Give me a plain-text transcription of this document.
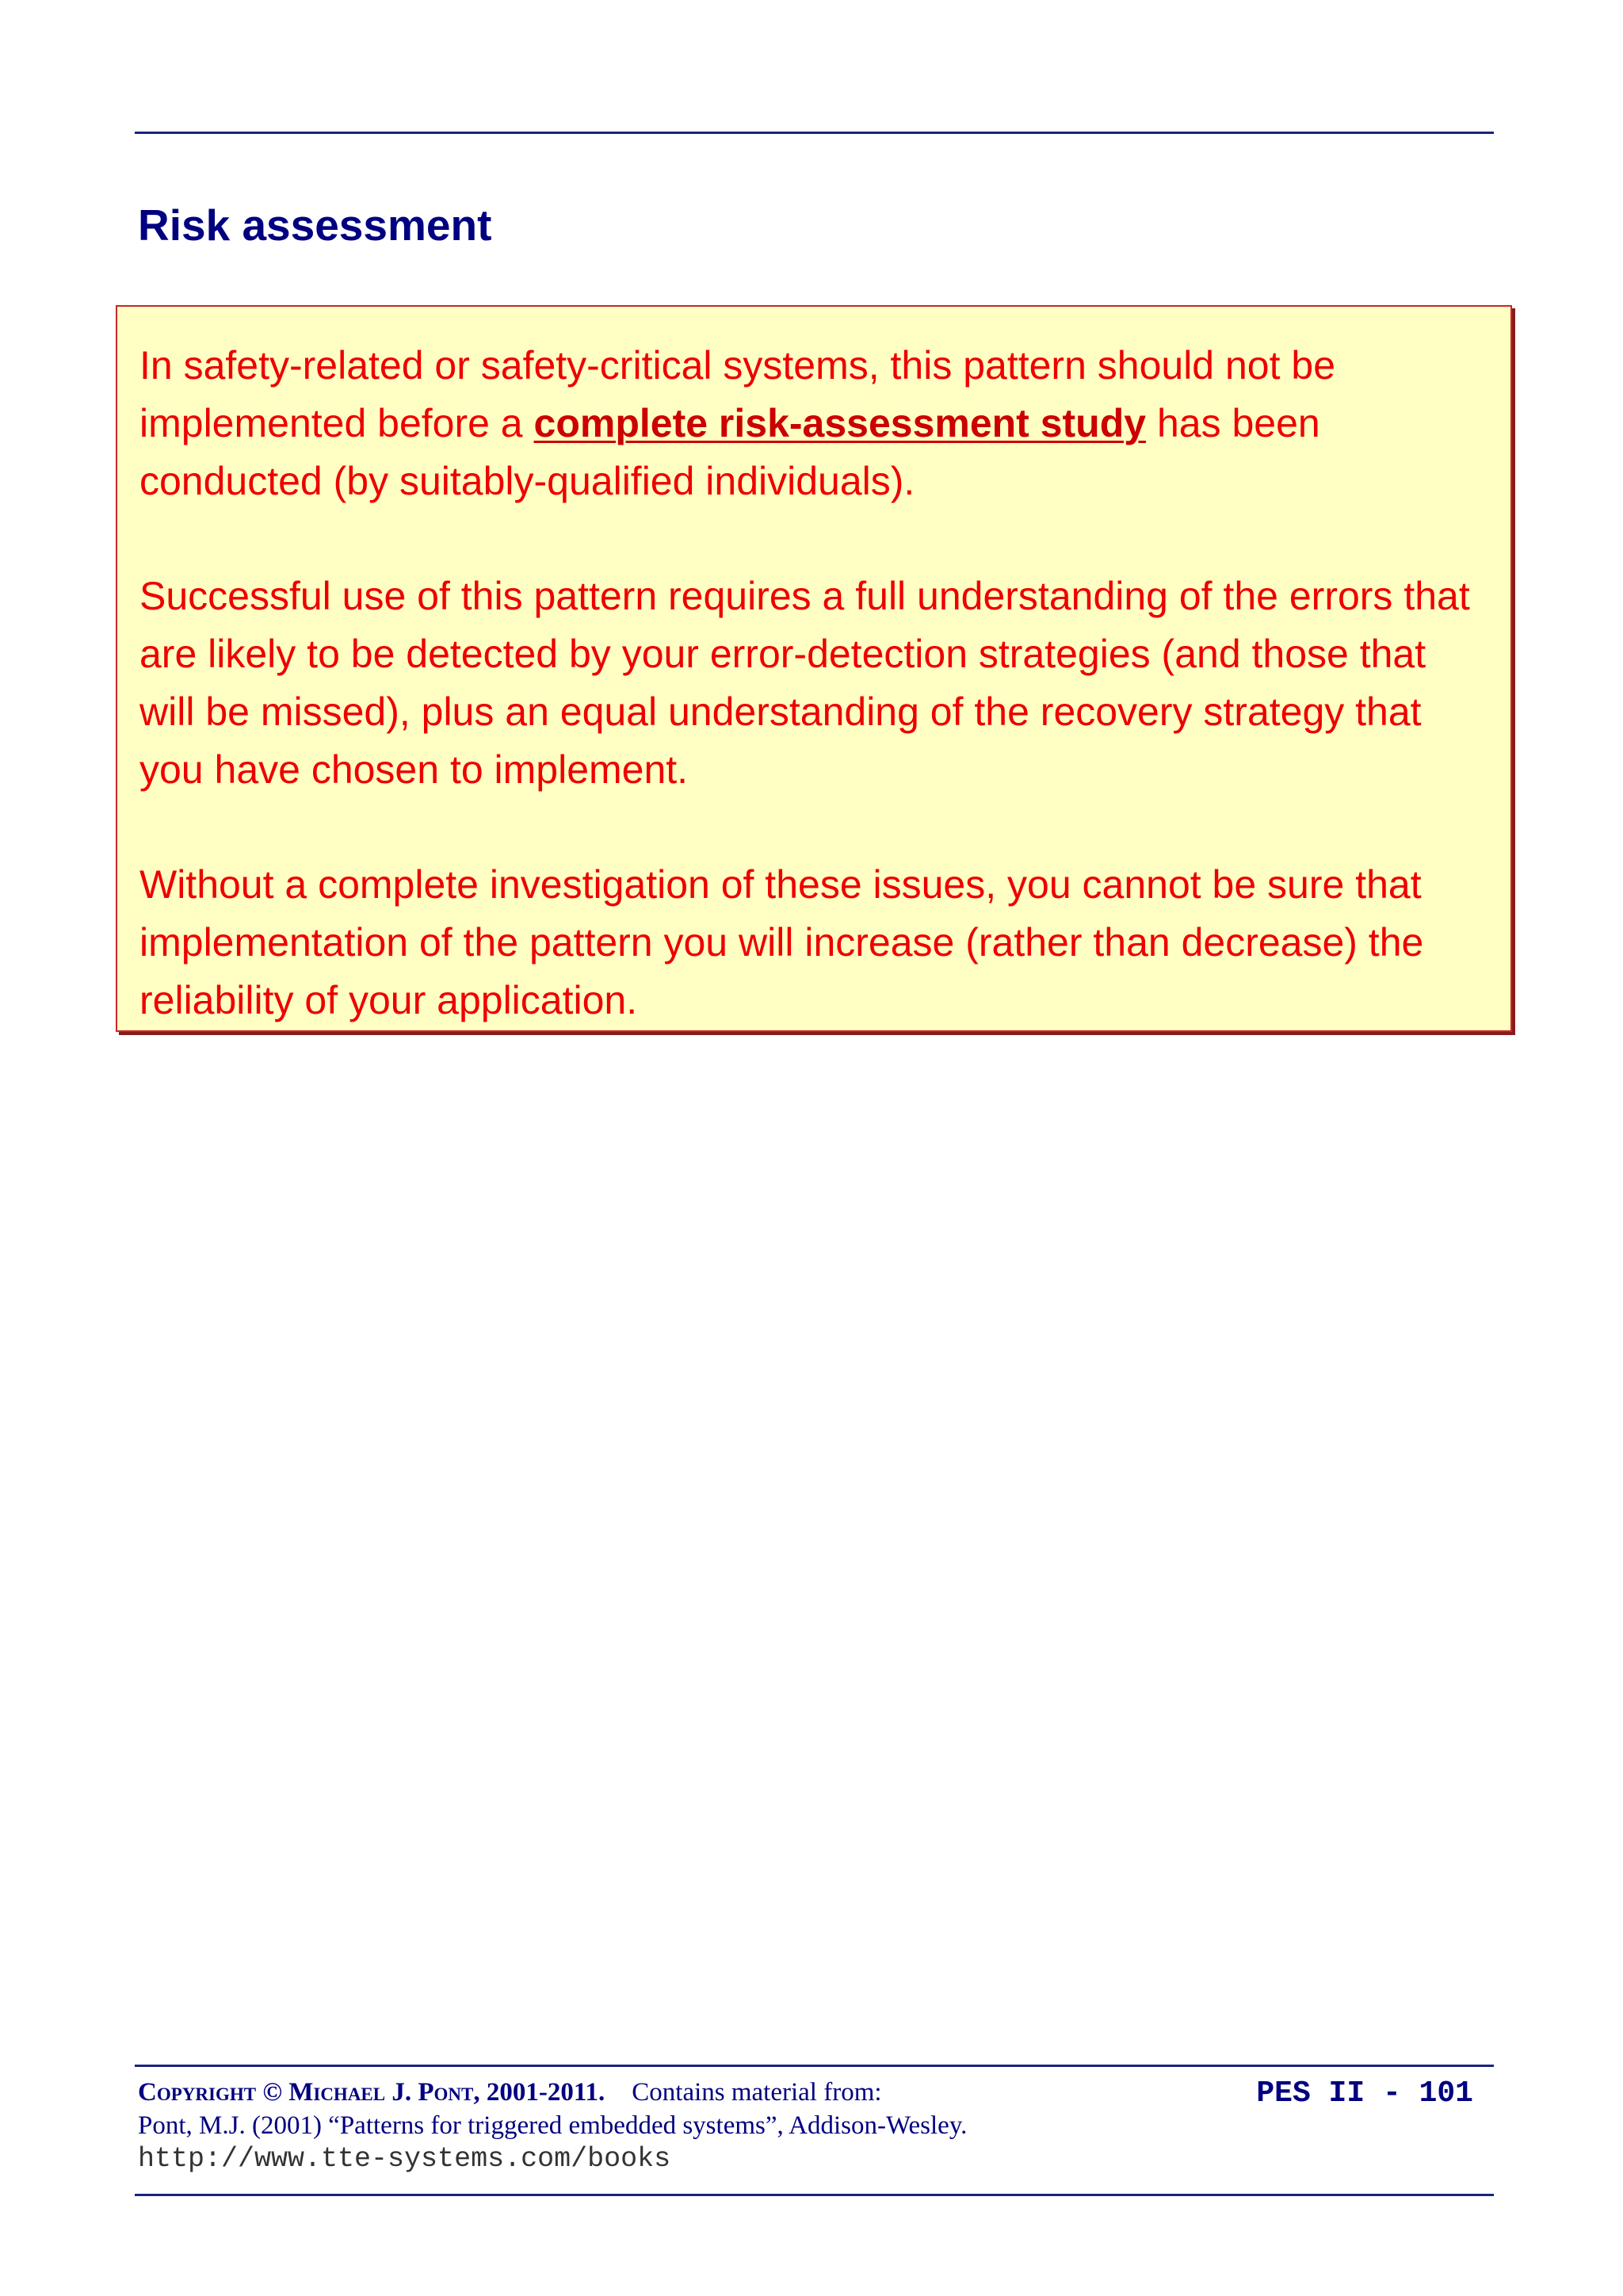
Risk assessment

In safety-related or safety-critical systems, this pattern should not be implemented before a complete risk-assessment study has been conducted (by suitably-qualified individuals).

Successful use of this pattern requires a full understanding of the errors that are likely to be detected by your error-detection strategies (and those that will be missed), plus an equal understanding of the recovery strategy that you have chosen to implement.

Without a complete investigation of these issues, you cannot be sure that implementation of the pattern you will increase (rather than decrease) the reliability of your application.

Copyright © Michael J. Pont, 2001-2011. Contains material from:
Pont, M.J. (2001) “Patterns for triggered embedded systems”, Addison-Wesley.
http://www.tte-systems.com/books
PES II - 101
